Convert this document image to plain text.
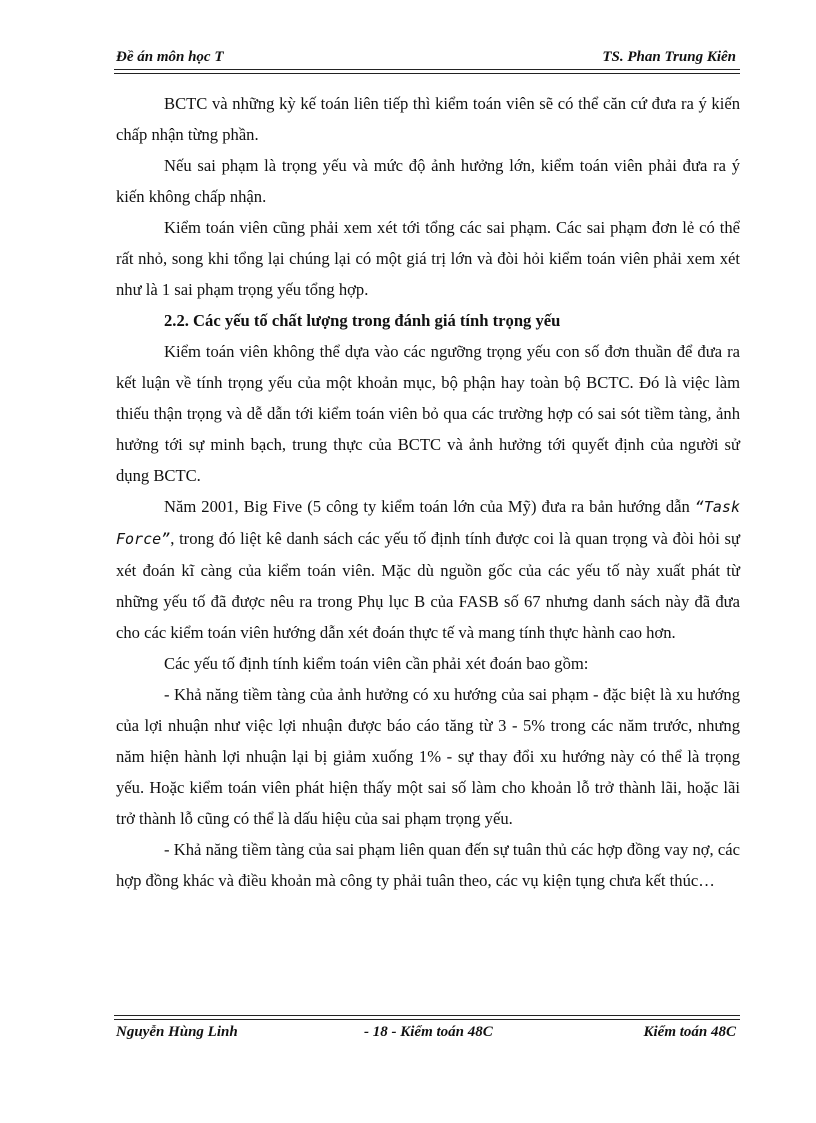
Đề án môn học T	TS. Phan Trung Kiên

BCTC và những kỳ kế toán liên tiếp thì kiểm toán viên sẽ có thể căn cứ đưa ra ý kiến chấp nhận từng phần.

Nếu sai phạm là trọng yếu và mức độ ảnh hưởng lớn, kiểm toán viên phải đưa ra ý kiến không chấp nhận.

Kiểm toán viên cũng phải xem xét tới tổng các sai phạm. Các sai phạm đơn lẻ có thể rất nhỏ, song khi tổng lại chúng lại có một giá trị lớn và đòi hỏi kiểm toán viên phải xem xét như là 1 sai phạm trọng yếu tổng hợp.

2.2. Các yếu tố chất lượng trong đánh giá tính trọng yếu

Kiểm toán viên không thể dựa vào các ngưỡng trọng yếu con số đơn thuần để đưa ra kết luận về tính trọng yếu của một khoản mục, bộ phận hay toàn bộ BCTC. Đó là việc làm thiếu thận trọng và dễ dẫn tới kiểm toán viên bỏ qua các trường hợp có sai sót tiềm tàng, ảnh hưởng tới sự minh bạch, trung thực của BCTC và ảnh hưởng tới quyết định của người sử dụng BCTC.

Năm 2001, Big Five (5 công ty kiểm toán lớn của Mỹ) đưa ra bản hướng dẫn “Task Force”, trong đó liệt kê danh sách các yếu tố định tính được coi là quan trọng và đòi hỏi sự xét đoán kĩ càng của kiểm toán viên. Mặc dù nguồn gốc của các yếu tố này xuất phát từ những yếu tố đã được nêu ra trong Phụ lục B của FASB số 67 nhưng danh sách này đã đưa cho các kiểm toán viên hướng dẫn xét đoán thực tế và mang tính thực hành cao hơn.

Các yếu tố định tính kiểm toán viên cần phải xét đoán bao gồm:

- Khả năng tiềm tàng của ảnh hưởng có xu hướng của sai phạm - đặc biệt là xu hướng của lợi nhuận như việc lợi nhuận được báo cáo tăng từ 3 - 5% trong các năm trước, nhưng năm hiện hành lợi nhuận lại bị giảm xuống 1% - sự thay đổi xu hướng này có thể là trọng yếu. Hoặc kiểm toán viên phát hiện thấy một sai số làm cho khoản lỗ trở thành lãi, hoặc lãi trở thành lỗ cũng có thể là dấu hiệu của sai phạm trọng yếu.

- Khả năng tiềm tàng của sai phạm liên quan đến sự tuân thủ các hợp đồng vay nợ, các hợp đồng khác và điều khoản mà công ty phải tuân theo, các vụ kiện tụng chưa kết thúc…

Nguyễn Hùng Linh	- 18 - Kiểm toán 48C	Kiểm toán 48C
